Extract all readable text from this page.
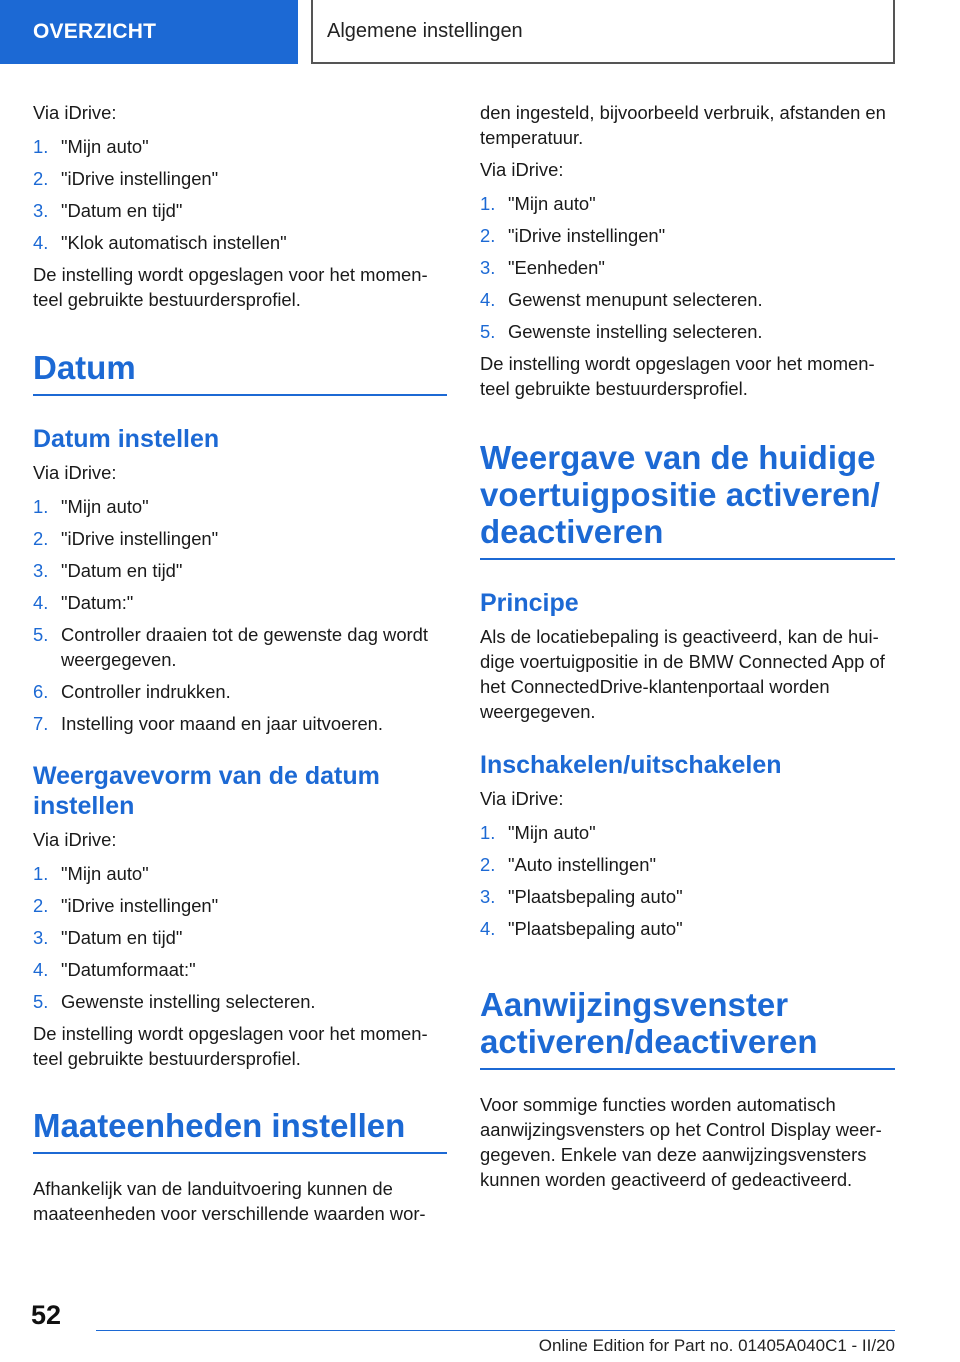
OVERZICHT	Algemene instellingen

Via iDrive:

1. "Mijn auto"
2. "iDrive instellingen"
3. "Datum en tijd"
4. "Klok automatisch instellen"

De instelling wordt opgeslagen voor het momen-teel gebruikte bestuurdersprofiel.

Datum
Datum instellen

Via iDrive:

1. "Mijn auto"
2. "iDrive instellingen"
3. "Datum en tijd"
4. "Datum:"
5. Controller draaien tot de gewenste dag wordt weergegeven.
6. Controller indrukken.
7. Instelling voor maand en jaar uitvoeren.
Weergavevorm van de datum instellen

Via iDrive:

1. "Mijn auto"
2. "iDrive instellingen"
3. "Datum en tijd"
4. "Datumformaat:"
5. Gewenste instelling selecteren.

De instelling wordt opgeslagen voor het momen-teel gebruikte bestuurdersprofiel.

Maateenheden instellen

Afhankelijk van de landuitvoering kunnen de maateenheden voor verschillende waarden wor-

den ingesteld, bijvoorbeeld verbruik, afstanden en temperatuur.

Via iDrive:

1. "Mijn auto"
2. "iDrive instellingen"
3. "Eenheden"
4. Gewenst menupunt selecteren.
5. Gewenste instelling selecteren.

De instelling wordt opgeslagen voor het momen-teel gebruikte bestuurdersprofiel.

Weergave van de huidige voertuigpositie activeren/ deactiveren
Principe

Als de locatiebepaling is geactiveerd, kan de hui-dige voertuigpositie in de BMW Connected App of het ConnectedDrive-klantenportaal worden weergegeven.

Inschakelen/uitschakelen

Via iDrive:

1. "Mijn auto"
2. "Auto instellingen"
3. "Plaatsbepaling auto"
4. "Plaatsbepaling auto"
Aanwijzingsvenster activeren/deactiveren

Voor sommige functies worden automatisch aanwijzingsvensters op het Control Display weer-gegeven. Enkele van deze aanwijzingsvensters kunnen worden geactiveerd of gedeactiveerd.

52
Online Edition for Part no. 01405A040C1 - II/20
